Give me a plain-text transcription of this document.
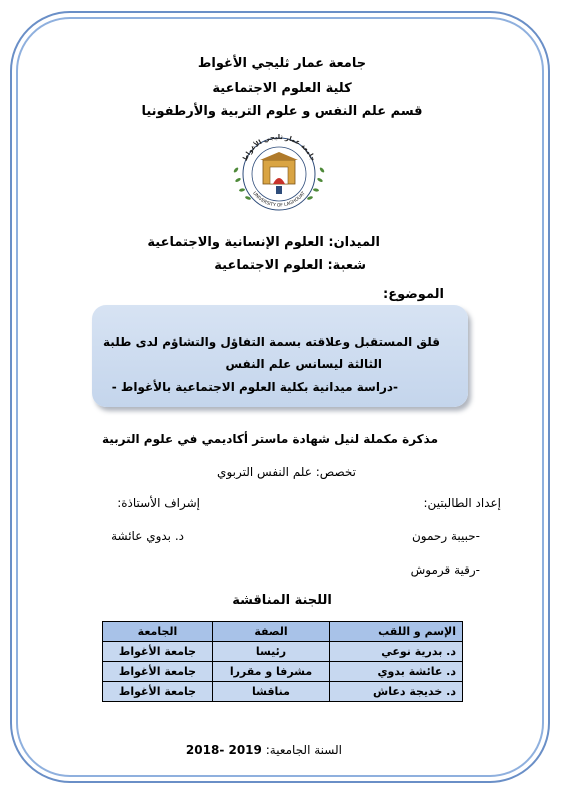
جامعة عمار ثليجي الأغواط
كلية العلوم الاجتماعية
قسم علم النفس و علوم التربية والأرطفونيا
جامعة عمار ثليجي الأغواط
UNIVERSITY OF LAGHOUAT
الميدان: العلوم الإنسانية والاجتماعية
شعبة: العلوم الاجتماعية
الموضوع:
قلق المستقبل وعلاقته بسمة التفاؤل والتشاؤم لدى طلبة
الثالثة ليسانس علم النفس
-دراسة ميدانية بكلية العلوم الاجتماعية بالأغواط -
مذكرة مكملة لنيل شهادة ماستر أكاديمي في علوم التربية
تخصص: علم النفس التربوي
إعداد الطالبتين:
إشراف الأستاذة:
-حبيبة رحمون
-رقية قرموش
د. بدوي عائشة
اللجنة المناقشة
الإسم و اللقب	الصفة	الجامعة
د. بدرية نوعي	رئيسا	جامعة الأغواط
د. عائشة بدوي	مشرفا و مقررا	جامعة الأغواط
د. خديجة دعاش	مناقشا	جامعة الأغواط
السنة الجامعية: 2018- 2019
